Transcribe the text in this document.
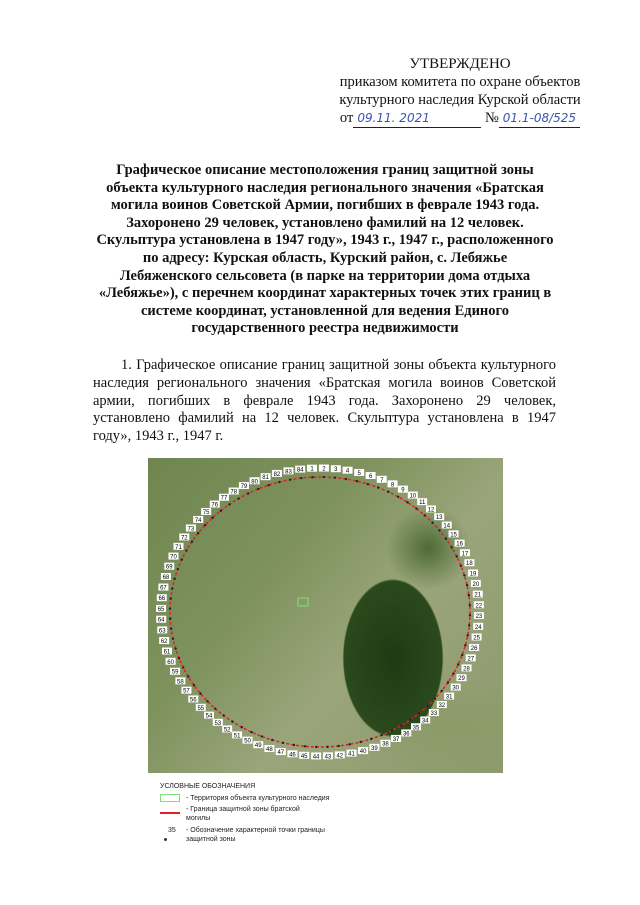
УТВЕРЖДЕНО
приказом комитета по охране объектов
культурного наследия Курской области
от 09.11. 2021	№ 01.1-08/525
Графическое описание местоположения границ защитной зоны объекта культурного наследия регионального значения «Братская могила воинов Советской Армии, погибших в феврале 1943 года. Захоронено 29 человек, установлено фамилий на 12 человек. Скульптура установлена в 1947 году», 1943 г., 1947 г., расположенного по адресу: Курская область, Курский район, с. Лебяжье Лебяженского сельсовета (в парке на территории дома отдыха «Лебяжье»), с перечнем координат характерных точек этих границ в системе координат, установленной для ведения Единого государственного реестра недвижимости
1. Графическое описание границ защитной зоны объекта культурного наследия регионального значения «Братская могила воинов Советской армии, погибших в феврале 1943 года. Захоронено 29 человек, установлено фамилий на 12 человек. Скульптура установлена в 1947 году», 1943 г., 1947 г.
1 2 3 4 5
6
7
8
9
10
11
12
13
14
15
16
17
18
19
20
21
22
23
24
25
26
27
28
29
30
31
32
33
34
35
36
37
38
39
40
41
42
43
44
45
46
47
48
49
50
51
52
53
54
55
56
57
58
59
60
61
62
63
64
65
66
67
68
69
70
71
72
73
74
75
76
77
78
79
80
81
82 83 84
УСЛОВНЫЕ ОБОЗНАЧЕНИЯ
- Территория объекта культурного наследия
- Граница защитной зоны братской
могилы
35 - Обозначение характерной точки границы
защитной зоны
